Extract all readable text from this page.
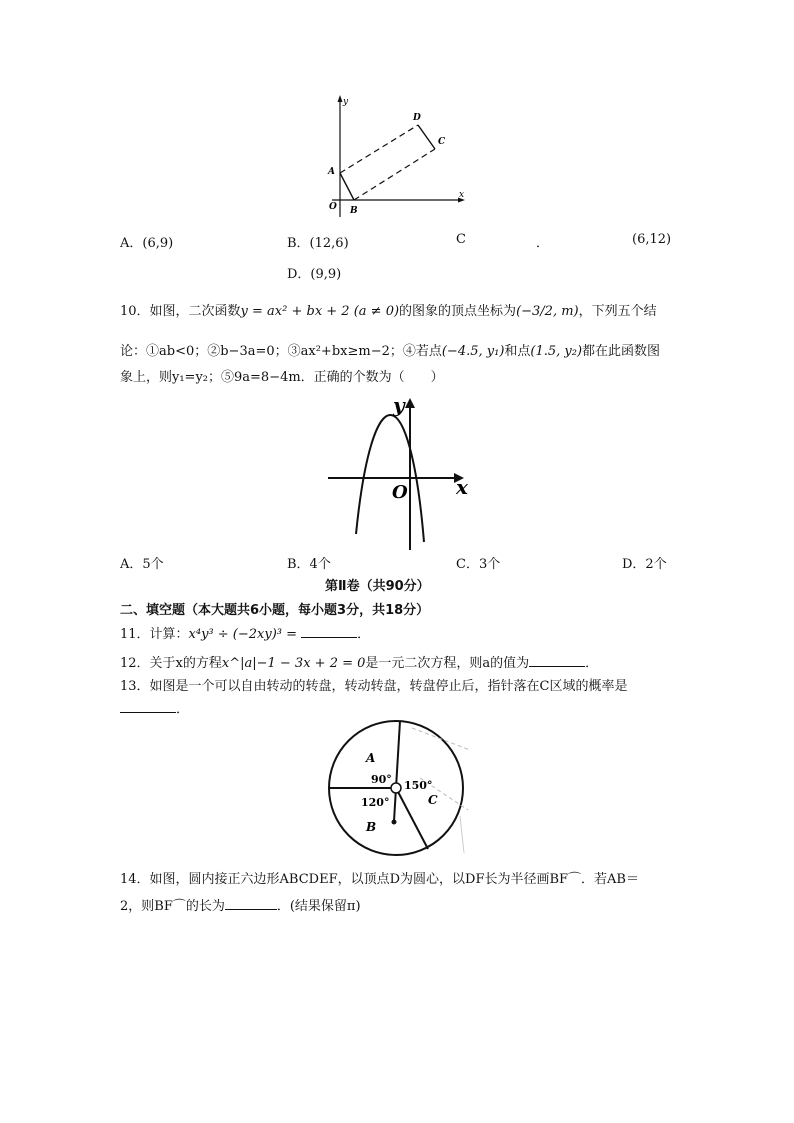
y
x
O
A
B
C
D
A．(6,9)	B．(12,6)	C	．	(6,12)
D．(9,9)
10．如图，二次函数y = ax² + bx + 2 (a ≠ 0)的图象的顶点坐标为(−3/2, m)，下列五个结
论：①ab<0；②b−3a=0；③ax²+bx≥m−2；④若点(−4.5, y₁)和点(1.5, y₂)都在此函数图
象上，则y₁=y₂；⑤9a=8−4m．正确的个数为（　　）
y
x
O
A．5个	B．4个	C．3个	D．2个
第Ⅱ卷（共90分）
二、填空题（本大题共6小题，每小题3分，共18分）
11．计算：x⁴y³ ÷ (−2xy)³ =	．
12．关于x的方程x^|a|−1 − 3x + 2 = 0是一元二次方程，则a的值为	．
13．如图是一个可以自由转动的转盘，转动转盘，转盘停止后，指针落在C区域的概率是
．
A
B
C
90° 150°
120°
14．如图，圆内接正六边形ABCDEF，以顶点D为圆心，以DF长为半径画BF⌒．若AB＝
2，则BF⌒的长为	．(结果保留π)
